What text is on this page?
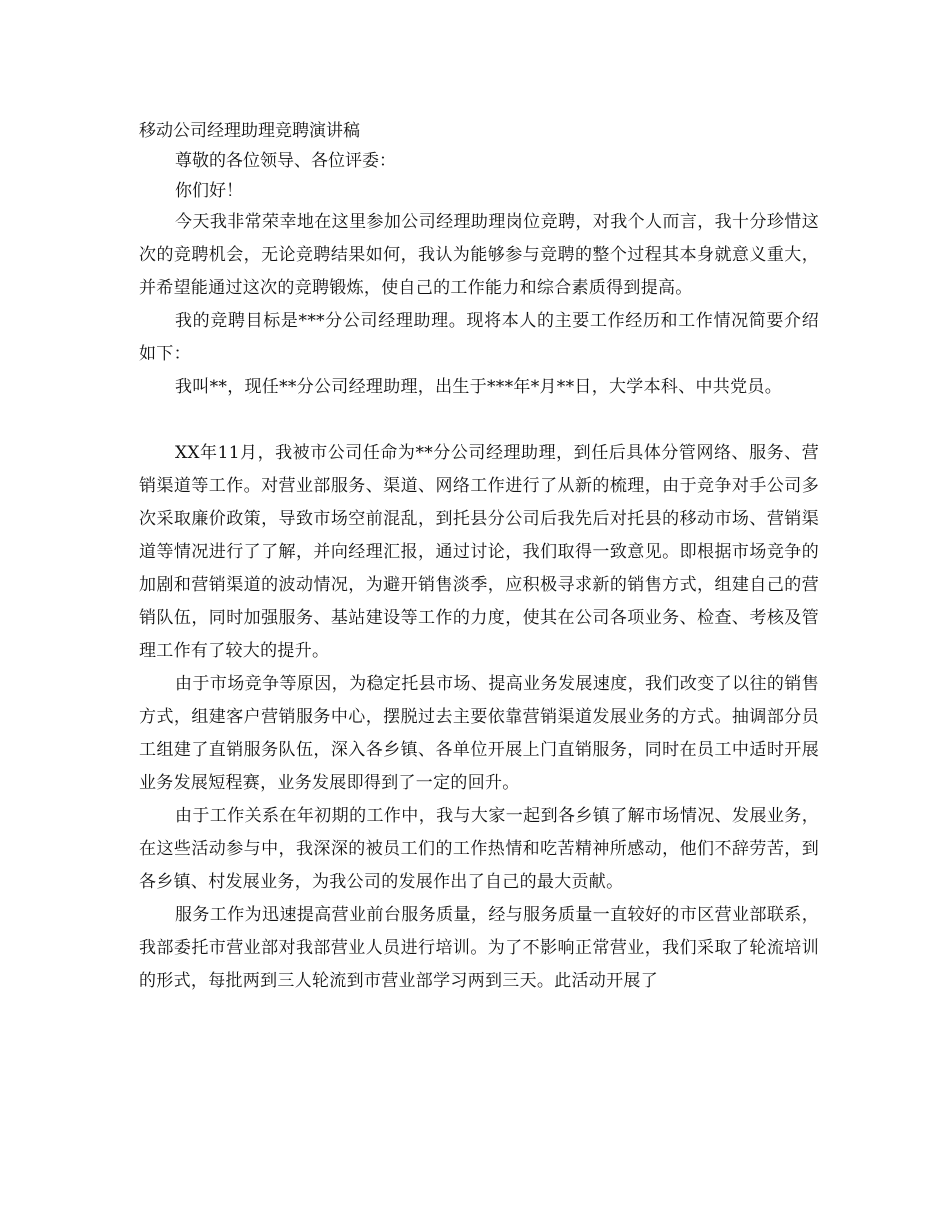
移动公司经理助理竞聘演讲稿

尊敬的各位领导、各位评委：

你们好！

今天我非常荣幸地在这里参加公司经理助理岗位竞聘，对我个人而言，我十分珍惜这次的竞聘机会，无论竞聘结果如何，我认为能够参与竞聘的整个过程其本身就意义重大，并希望能通过这次的竞聘锻炼，使自己的工作能力和综合素质得到提高。

我的竞聘目标是***分公司经理助理。现将本人的主要工作经历和工作情况简要介绍如下：

我叫**，现任**分公司经理助理，出生于***年*月**日，大学本科、中共党员。

XX年11月，我被市公司任命为**分公司经理助理，到任后具体分管网络、服务、营销渠道等工作。对营业部服务、渠道、网络工作进行了从新的梳理，由于竞争对手公司多次采取廉价政策，导致市场空前混乱，到托县分公司后我先后对托县的移动市场、营销渠道等情况进行了了解，并向经理汇报，通过讨论，我们取得一致意见。即根据市场竞争的加剧和营销渠道的波动情况，为避开销售淡季，应积极寻求新的销售方式，组建自己的营销队伍，同时加强服务、基站建设等工作的力度，使其在公司各项业务、检查、考核及管理工作有了较大的提升。

由于市场竞争等原因，为稳定托县市场、提高业务发展速度，我们改变了以往的销售方式，组建客户营销服务中心，摆脱过去主要依靠营销渠道发展业务的方式。抽调部分员工组建了直销服务队伍，深入各乡镇、各单位开展上门直销服务，同时在员工中适时开展业务发展短程赛，业务发展即得到了一定的回升。

由于工作关系在年初期的工作中，我与大家一起到各乡镇了解市场情况、发展业务，在这些活动参与中，我深深的被员工们的工作热情和吃苦精神所感动，他们不辞劳苦，到各乡镇、村发展业务，为我公司的发展作出了自己的最大贡献。

服务工作为迅速提高营业前台服务质量，经与服务质量一直较好的市区营业部联系，我部委托市营业部对我部营业人员进行培训。为了不影响正常营业，我们采取了轮流培训的形式，每批两到三人轮流到市营业部学习两到三天。此活动开展了
